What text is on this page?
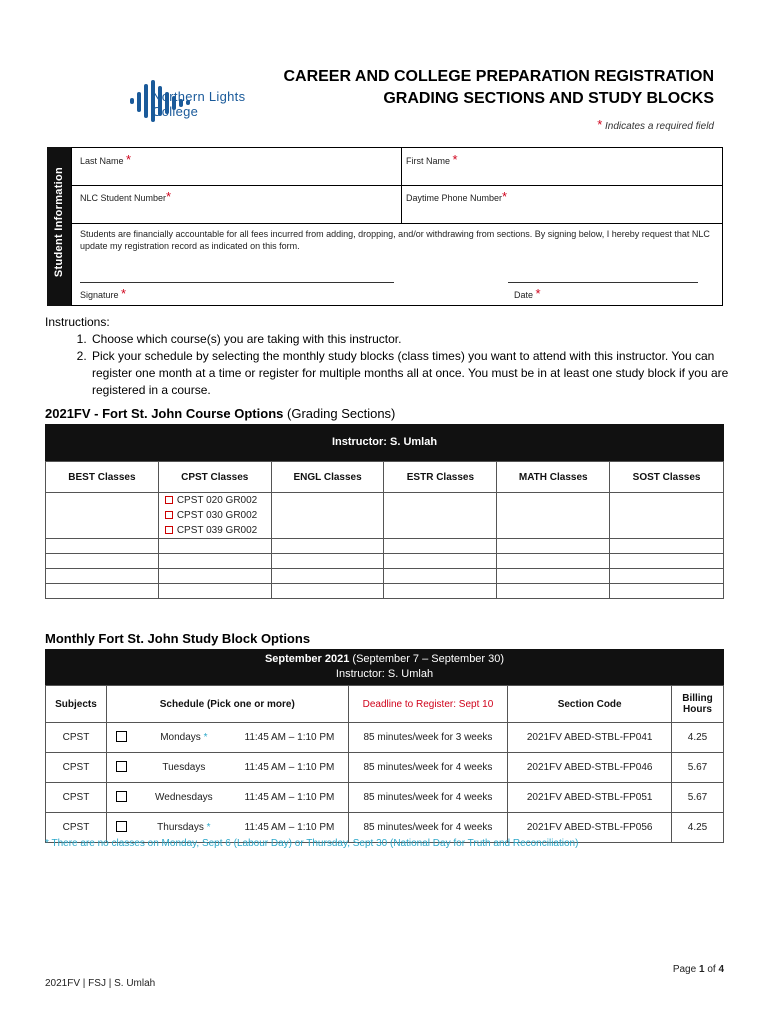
Northern Lights
College
CAREER AND COLLEGE PREPARATION REGISTRATION
GRADING SECTIONS AND STUDY BLOCKS
* Indicates a required field
Student Information
Last Name *	First Name *
NLC Student Number*	Daytime Phone Number*
Students are financially accountable for all fees incurred from adding, dropping, and/or withdrawing from sections. By signing below, I hereby request that NLC update my registration record as indicated on this form.
Signature *	Date *
Instructions:
1. Choose which course(s) you are taking with this instructor.
2. Pick your schedule by selecting the monthly study blocks (class times) you want to attend with this instructor. You can register one month at a time or register for multiple months all at once. You must be in at least one study block if you are registered in a course.
2021FV - Fort St. John Course Options (Grading Sections)
Instructor: S. Umlah
BEST Classes	CPST Classes	ENGL Classes	ESTR Classes	MATH Classes	SOST Classes

	CPST 020 GR002
CPST 030 GR002
CPST 039 GR002				

Monthly Fort St. John Study Block Options
September 2021 (September 7 – September 30)
Instructor: S. Umlah
Subjects	Schedule (Pick one or more)			Deadline to Register: Sept 10	Section Code	Billing Hours
CPST		Mondays *	11:45 AM – 1:10 PM	85 minutes/week for 3 weeks	2021FV ABED-STBL-FP041	4.25
CPST		Tuesdays	11:45 AM – 1:10 PM	85 minutes/week for 4 weeks	2021FV ABED-STBL-FP046	5.67
CPST		Wednesdays	11:45 AM – 1:10 PM	85 minutes/week for 4 weeks	2021FV ABED-STBL-FP051	5.67
CPST		Thursdays *	11:45 AM – 1:10 PM	85 minutes/week for 4 weeks	2021FV ABED-STBL-FP056	4.25
* There are no classes on Monday, Sept 6 (Labour Day) or Thursday, Sept 30 (National Day for Truth and Reconciliation)
2021FV | FSJ | S. Umlah
Page 1 of 4
